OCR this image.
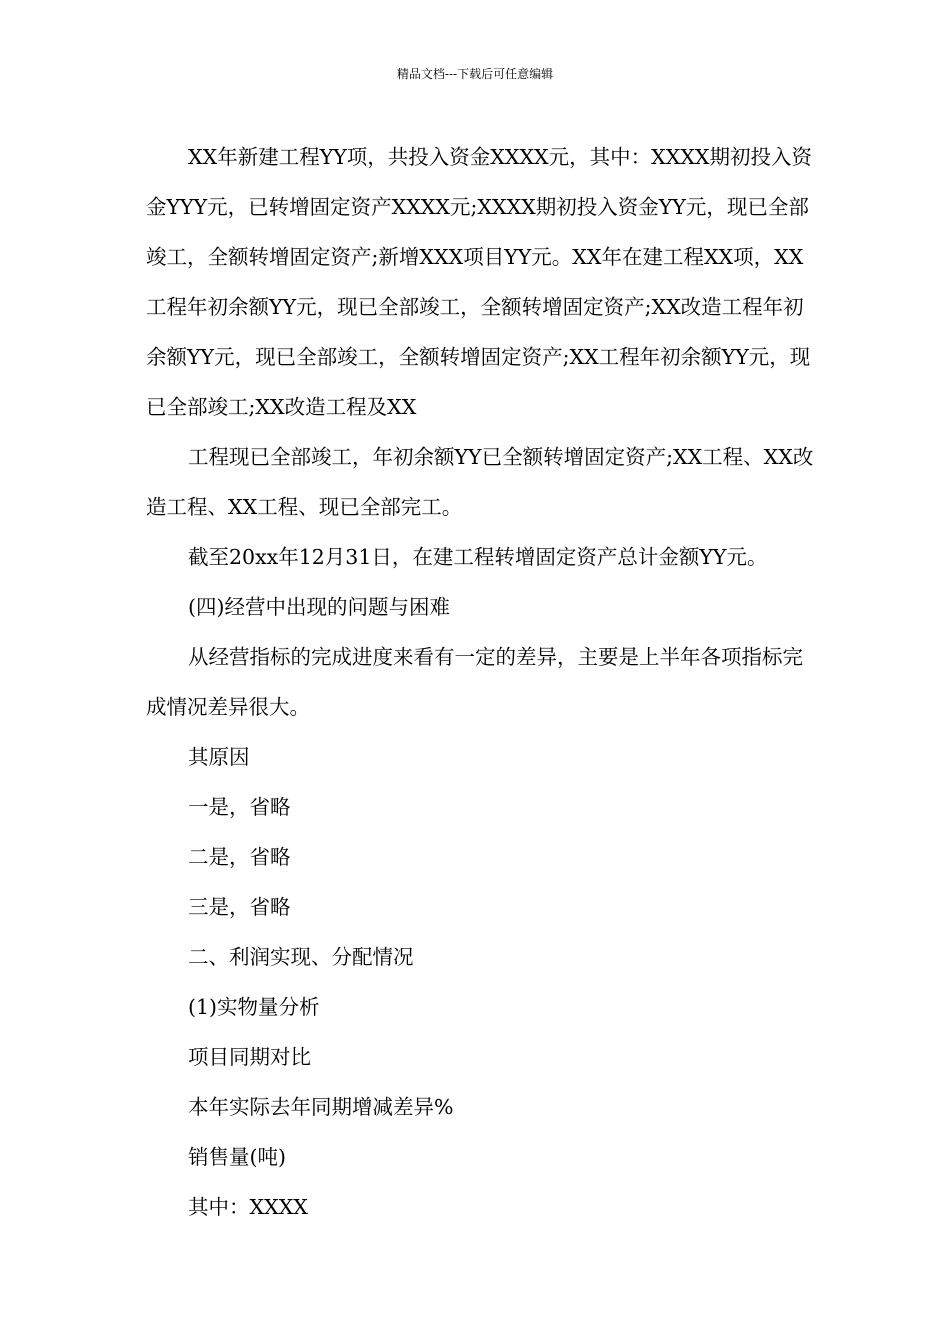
精品文档---下载后可任意编辑

XX年新建工程YY项，共投入资金XXXX元，其中：XXXX期初投入资金YYY元，已转增固定资产XXXX元;XXXX期初投入资金YY元，现已全部竣工，全额转增固定资产;新增XXX项目YY元。XX年在建工程XX项，XX工程年初余额YY元，现已全部竣工，全额转增固定资产;XX改造工程年初余额YY元，现已全部竣工，全额转增固定资产;XX工程年初余额YY元，现已全部竣工;XX改造工程及XX

工程现已全部竣工，年初余额YY已全额转增固定资产;XX工程、XX改造工程、XX工程、现已全部完工。

截至20xx年12月31日，在建工程转增固定资产总计金额YY元。

(四)经营中出现的问题与困难

从经营指标的完成进度来看有一定的差异，主要是上半年各项指标完成情况差异很大。

其原因

一是，省略

二是，省略

三是，省略

二、利润实现、分配情况

(1)实物量分析

项目同期对比

本年实际去年同期增减差异%

销售量(吨)

其中：XXXX
